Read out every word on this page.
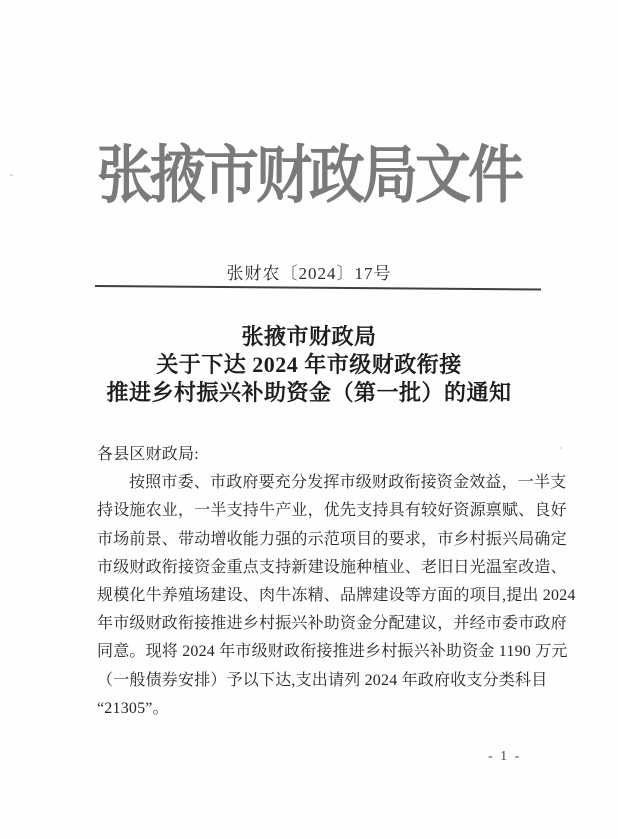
张掖市财政局文件
张财农〔2024〕17号
张掖市财政局
关于下达 2024 年市级财政衔接
推进乡村振兴补助资金（第一批）的通知
各县区财政局:
按照市委、市政府要充分发挥市级财政衔接资金效益，一半支
持设施农业，一半支持牛产业，优先支持具有较好资源禀赋、良好
市场前景、带动增收能力强的示范项目的要求，市乡村振兴局确定
市级财政衔接资金重点支持新建设施种植业、老旧日光温室改造、
规模化牛养殖场建设、肉牛冻精、品牌建设等方面的项目,提出 2024
年市级财政衔接推进乡村振兴补助资金分配建议，并经市委市政府
同意。现将 2024 年市级财政衔接推进乡村振兴补助资金 1190 万元
（一般债券安排）予以下达,支出请列 2024 年政府收支分类科目
“21305”。
- 1 -
